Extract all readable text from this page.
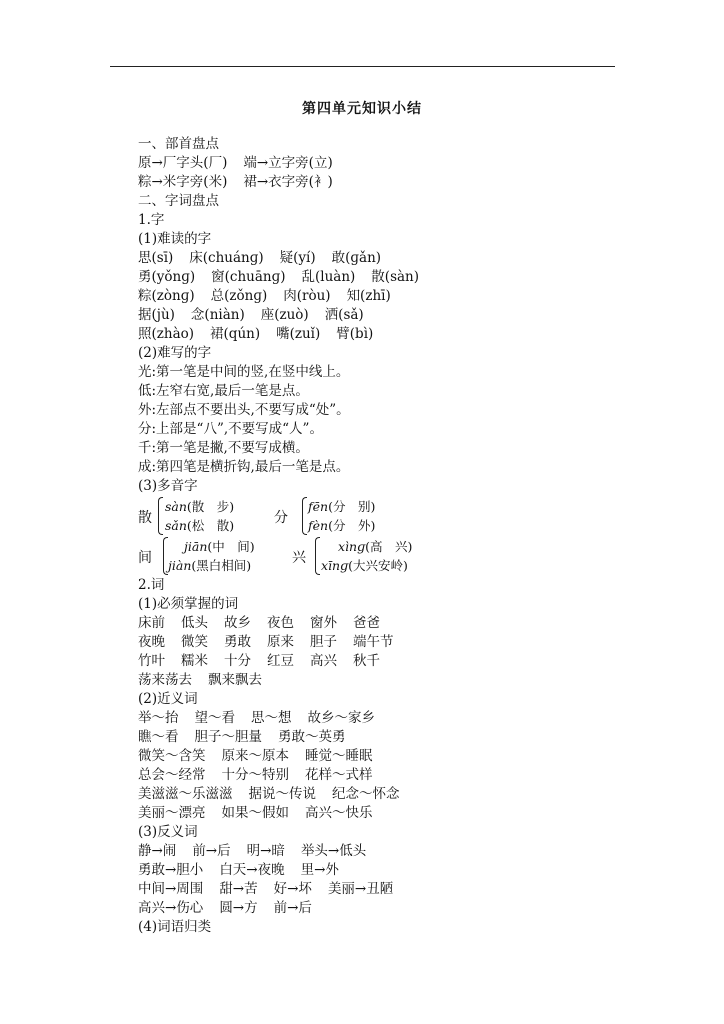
第四单元知识小结
一、部首盘点
原→厂字头(厂) 端→立字旁(立)
粽→米字旁(米) 裙→衣字旁(衤)
二、字词盘点
1.字
(1)难读的字
思(sī) 床(chuánɡ) 疑(yí) 敢(ɡǎn)
勇(yǒnɡ) 窗(chuānɡ) 乱(luàn) 散(sàn)
粽(zònɡ) 总(zǒnɡ) 肉(ròu) 知(zhī)
据(jù) 念(niàn) 座(zuò) 洒(sǎ)
照(zhào) 裙(qún) 嘴(zuǐ) 臂(bì)
(2)难写的字
光:第一笔是中间的竖,在竖中线上。
低:左窄右宽,最后一笔是点。
外:左部点不要出头,不要写成“处”。
分:上部是“八”,不要写成“人”。
千:第一笔是撇,不要写成横。
成:第四笔是横折钩,最后一笔是点。
(3)多音字
散
sàn(散　步)
sǎn(松　散)	分
fēn(分　别)
fèn(分　外)
间
jiān(中　间)
jiàn(黑白相间)	兴
xìnɡ(高　兴)
xīnɡ(大兴安岭)
2.词
(1)必须掌握的词
床前 低头 故乡 夜色 窗外 爸爸
夜晚 微笑 勇敢 原来 胆子 端午节
竹叶 糯米 十分 红豆 高兴 秋千
荡来荡去 飘来飘去
(2)近义词
举～抬 望～看 思～想 故乡～家乡
瞧～看 胆子～胆量 勇敢～英勇
微笑～含笑 原来～原本 睡觉～睡眠
总会～经常 十分～特别 花样～式样
美滋滋～乐滋滋 据说～传说 纪念～怀念
美丽～漂亮 如果～假如 高兴～快乐
(3)反义词
静→闹 前→后 明→暗 举头→低头
勇敢→胆小 白天→夜晚 里→外
中间→周围 甜→苦 好→坏 美丽→丑陋
高兴→伤心 圆→方 前→后
(4)词语归类
